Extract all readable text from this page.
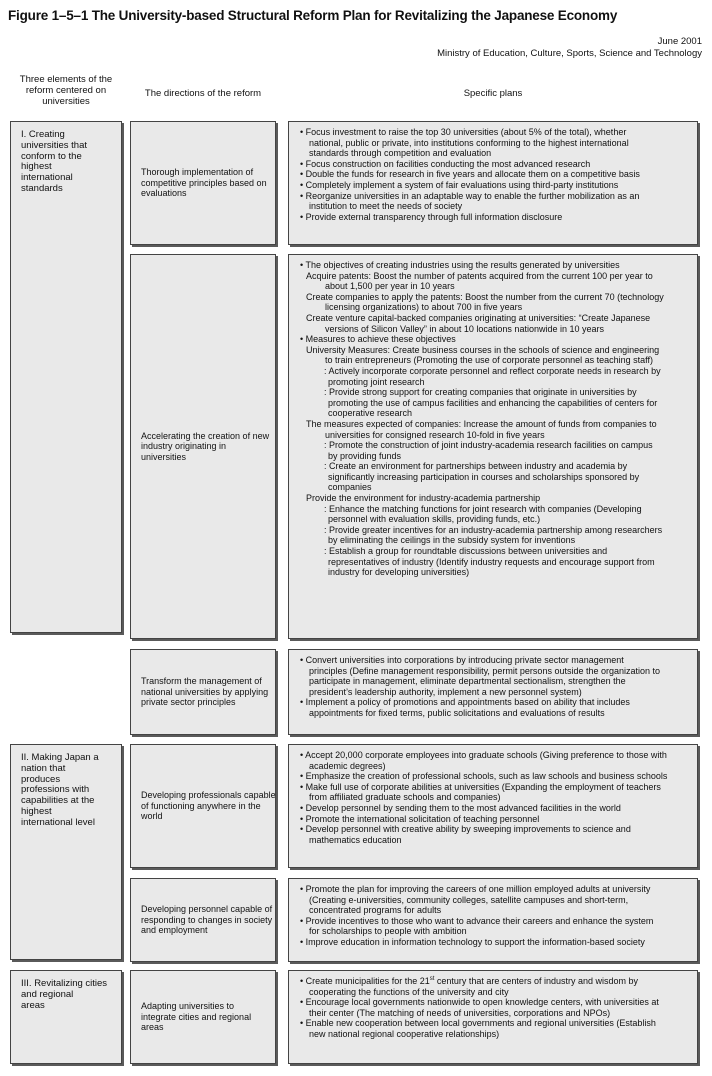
Figure 1–5–1 The University-based Structural Reform Plan for Revitalizing the Japanese Economy
June 2001
Ministry of Education, Culture, Sports, Science and Technology
Three elements of the
reform centered on
universities
The directions of the reform	Specific plans
I. Creating
universities that
conform to the
highest
international
standards
II. Making Japan a
nation that
produces
professions with
capabilities at the
highest
international level
III. Revitalizing cities
and regional
areas
Thorough implementation of
competitive principles based on
evaluations
Accelerating the creation of new
industry originating in
universities
Transform the management of
national universities by applying
private sector principles
Developing professionals capable
of functioning anywhere in the
world
Developing personnel capable of
responding to changes in society
and employment
Adapting universities to
integrate cities and regional
areas
• Focus investment to raise the top 30 universities (about 5% of the total), whether
national, public or private, into institutions conforming to the highest international
standards through competition and evaluation
• Focus construction on facilities conducting the most advanced research
• Double the funds for research in five years and allocate them on a competitive basis
• Completely implement a system of fair evaluations using third-party institutions
• Reorganize universities in an adaptable way to enable the further mobilization as an
institution to meet the needs of society
• Provide external transparency through full information disclosure
• The objectives of creating industries using the results generated by universities
Acquire patents: Boost the number of patents acquired from the current 100 per year to
about 1,500 per year in 10 years
Create companies to apply the patents: Boost the number from the current 70 (technology
licensing organizations) to about 700 in five years
Create venture capital-backed companies originating at universities: “Create Japanese
versions of Silicon Valley” in about 10 locations nationwide in 10 years
• Measures to achieve these objectives
University Measures: Create business courses in the schools of science and engineering
to train entrepreneurs (Promoting the use of corporate personnel as teaching staff)
: Actively incorporate corporate personnel and reflect corporate needs in research by
promoting joint research
: Provide strong support for creating companies that originate in universities by
promoting the use of campus facilities and enhancing the capabilities of centers for
cooperative research
The measures expected of companies: Increase the amount of funds from companies to
universities for consigned research 10-fold in five years
: Promote the construction of joint industry-academia research facilities on campus
by providing funds
: Create an environment for partnerships between industry and academia by
significantly increasing participation in courses and scholarships sponsored by
companies
Provide the environment for industry-academia partnership
: Enhance the matching functions for joint research with companies (Developing
personnel with evaluation skills, providing funds, etc.)
: Provide greater incentives for an industry-academia partnership among researchers
by eliminating the ceilings in the subsidy system for inventions
: Establish a group for roundtable discussions between universities and
representatives of industry (Identify industry requests and encourage support from
industry for developing universities)
• Convert universities into corporations by introducing private sector management
principles (Define management responsibility, permit persons outside the organization to
participate in management, eliminate departmental sectionalism, strengthen the
president’s leadership authority, implement a new personnel system)
• Implement a policy of promotions and appointments based on ability that includes
appointments for fixed terms, public solicitations and evaluations of results
• Accept 20,000 corporate employees into graduate schools (Giving preference to those with
academic degrees)
• Emphasize the creation of professional schools, such as law schools and business schools
• Make full use of corporate abilities at universities (Expanding the employment of teachers
from affiliated graduate schools and companies)
• Develop personnel by sending them to the most advanced facilities in the world
• Promote the international solicitation of teaching personnel
• Develop personnel with creative ability by sweeping improvements to science and
mathematics education
• Promote the plan for improving the careers of one million employed adults at university
(Creating e-universities, community colleges, satellite campuses and short-term,
concentrated programs for adults
• Provide incentives to those who want to advance their careers and enhance the system
for scholarships to people with ambition
• Improve education in information technology to support the information-based society
• Create municipalities for the 21st century that are centers of industry and wisdom by
cooperating the functions of the university and city
• Encourage local governments nationwide to open knowledge centers, with universities at
their center (The matching of needs of universities, corporations and NPOs)
• Enable new cooperation between local governments and regional universities (Establish
new national regional cooperative relationships)
